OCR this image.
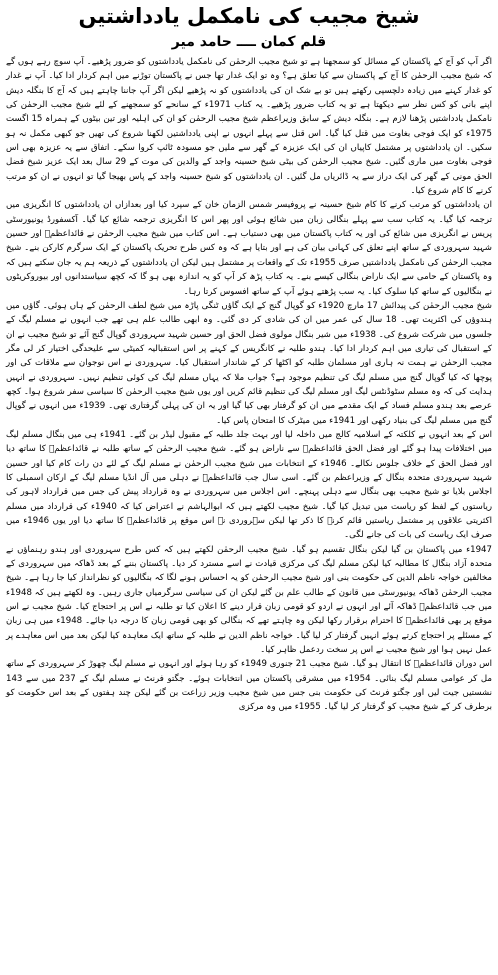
شیخ مجیب کی نامکمل یادداشتیں
قلم کمان ــــ حامد میر

اگر آپ کو آج کے پاکستان کے مسائل کو سمجھنا ہے تو شیخ مجیب الرحمٰن کی نامکمل یادداشتوں کو ضرور پڑھیے۔ آپ سوچ رہے ہوں گے کہ شیخ مجیب الرحمٰن کا آج کے پاکستان سے کیا تعلق ہے؟ وہ تو ایک غدار تھا جس نے پاکستان توڑنے میں اہم کردار ادا کیا۔ آپ نے غدار کو غدار کہنے میں زیادہ دلچسپی رکھتے ہیں تو بے شک ان کی یادداشتوں کو نہ پڑھیے لیکن اگر آپ جاننا چاہتے ہیں کہ آج کا بنگلہ دیش اپنے بانی کو کس نظر سے دیکھتا ہے تو یہ کتاب ضرور پڑھیے۔ یہ کتاب 1971ء کے سانحے کو سمجھنے کے لئے شیخ مجیب الرحمٰن کی نامکمل یادداشتیں پڑھنا لازم ہے۔ بنگلہ دیش کے سابق وزیراعظم شیخ مجیب الرحمٰن کو ان کی اہلیہ اور تین بیٹوں کے ہمراہ 15 اگست 1975ء کو ایک فوجی بغاوت میں قتل کیا گیا۔ اس قتل سے پہلے انہوں نے اپنی یادداشتیں لکھنا شروع کی تھیں جو کبھی مکمل نہ ہو سکیں۔ ان یادداشتوں پر مشتمل کاپیاں ان کی ایک عزیزہ کے گھر سے ملیں جو مسودہ ٹائپ کروا سکے۔ اتفاق سے یہ عزیزہ بھی اس فوجی بغاوت میں ماری گئیں۔ شیخ مجیب الرحمٰن کی بیٹی شیخ حسینہ واجد کے والدین کی موت کے 29 سال بعد ایک عزیز شیخ فضل الحق مونی کے گھر کی ایک دراز سے یہ ڈائریاں مل گئیں۔ ان یادداشتوں کو شیخ حسینہ واجد کے پاس بھیجا گیا تو انہوں نے ان کو مرتب کرنے کا کام شروع کیا۔

ان یادداشتوں کو مرتب کرنے کا کام شیخ حسینہ نے پروفیسر شمس الزمان خان کے سپرد کیا اور بعدازاں ان یادداشتوں کا انگریزی میں ترجمہ کیا گیا۔ یہ کتاب سب سے پہلے بنگالی زبان میں شائع ہوئی اور پھر اس کا انگریزی ترجمہ شائع کیا گیا۔ آکسفورڈ یونیورسٹی پریس نے انگریزی میں شائع کی اور یہ کتاب پاکستان میں بھی دستیاب ہے۔ اس کتاب میں شیخ مجیب الرحمٰن نے قائداعظمؒ اور حسین شہید سہروردی کے ساتھ اپنے تعلق کی کہانی بیان کی ہے اور بتایا ہے کہ وہ کس طرح تحریک پاکستان کے ایک سرگرم کارکن بنے۔ شیخ مجیب الرحمٰن کی نامکمل یادداشتیں صرف 1955ء تک کے واقعات پر مشتمل ہیں لیکن ان یادداشتوں کے ذریعہ ہم یہ جان سکتے ہیں کہ وہ پاکستان کے حامی سے ایک ناراض بنگالی کیسے بنے۔ یہ کتاب پڑھ کر آپ کو یہ اندازہ بھی ہو گا کہ کچھ سیاستدانوں اور بیوروکریٹوں نے بنگالیوں کے ساتھ کیا سلوک کیا۔ یہ سب پڑھتے ہوئے آپ کے ساتھ افسوس کرتا رہا۔

شیخ مجیب الرحمٰن کی پیدائش 17 مارچ 1920ء کو گوپال گنج کے ایک گاؤں ٹنگی پاڑہ میں شیخ لطف الرحمٰن کے ہاں ہوئی۔ گاؤں میں ہندوؤں کی اکثریت تھی۔ 18 سال کی عمر میں ان کی شادی کر دی گئی۔ وہ ابھی طالب علم ہی تھے جب انہوں نے مسلم لیگ کے جلسوں میں شرکت شروع کی۔ 1938ء میں شیر بنگال مولوی فضل الحق اور حسین شہید سہروردی گوپال گنج آئے تو شیخ مجیب نے ان کے استقبال کی تیاری میں اہم کردار ادا کیا۔ ہندو طلبہ نے کانگریس کے کہنے پر اس استقبالیہ کمیٹی سے علیحدگی اختیار کر لی مگر مجیب الرحمٰن نے ہمت نہ ہاری اور مسلمان طلبہ کو اکٹھا کر کے شاندار استقبال کیا۔ سہروردی نے اس نوجوان سے ملاقات کی اور پوچھا کہ کیا گوپال گنج میں مسلم لیگ کی تنظیم موجود ہے؟ جواب ملا کہ یہاں مسلم لیگ کی کوئی تنظیم نہیں۔ سہروردی نے انہیں ہدایت کی کہ وہ مسلم سٹوڈنٹس لیگ اور مسلم لیگ کی تنظیم قائم کریں اور یوں شیخ مجیب الرحمٰن کا سیاسی سفر شروع ہوا۔ کچھ عرصے بعد ہندو مسلم فساد کے ایک مقدمے میں ان کو گرفتار بھی کیا گیا اور یہ ان کی پہلی گرفتاری تھی۔ 1939ء میں انہوں نے گوپال گنج میں مسلم لیگ کی بنیاد رکھی اور 1941ء میں میٹرک کا امتحان پاس کیا۔

اس کے بعد انہوں نے کلکتہ کے اسلامیہ کالج میں داخلہ لیا اور بہت جلد طلبہ کے مقبول لیڈر بن گئے۔ 1941ء ہی میں بنگال مسلم لیگ میں اختلافات پیدا ہو گئے اور فضل الحق قائداعظمؒ سے ناراض ہو گئے۔ شیخ مجیب الرحمٰن کے ساتھ طلبہ نے قائداعظمؒ کا ساتھ دیا اور فضل الحق کے خلاف جلوس نکالے۔ 1946ء کے انتخابات میں شیخ مجیب الرحمٰن نے مسلم لیگ کے لئے دن رات کام کیا اور حسین شہید سہروردی متحدہ بنگال کے وزیراعظم بن گئے۔ اسی سال جب قائداعظمؒ نے دہلی میں آل انڈیا مسلم لیگ کے ارکان اسمبلی کا اجلاس بلایا تو شیخ مجیب بھی بنگال سے دہلی پہنچے۔ اس اجلاس میں سہروردی نے وہ قرارداد پیش کی جس میں قرارداد لاہور کی ریاستوں کے لفظ کو ریاست میں تبدیل کیا گیا۔ شیخ مجیب لکھتے ہیں کہ ابوالہاشم نے اعتراض کیا کہ 1940ء کی قرارداد میں مسلم اکثریتی علاقوں پر مشتمل ریاستیں قائم کرنے کا ذکر تھا لیکن سہروردی نے اس موقع پر قائداعظمؒ کا ساتھ دیا اور یوں 1946ء میں صرف ایک ریاست کی بات کی جانے لگی۔

1947ء میں پاکستان بن گیا لیکن بنگال تقسیم ہو گیا۔ شیخ مجیب الرحمٰن لکھتے ہیں کہ کس طرح سہروردی اور ہندو رہنماؤں نے متحدہ آزاد بنگال کا مطالبہ کیا لیکن مسلم لیگ کی مرکزی قیادت نے اسے مسترد کر دیا۔ پاکستان بننے کے بعد ڈھاکہ میں سہروردی کے مخالفین خواجہ ناظم الدین کی حکومت بنی اور شیخ مجیب الرحمٰن کو یہ احساس ہونے لگا کہ بنگالیوں کو نظرانداز کیا جا رہا ہے۔ شیخ مجیب الرحمٰن ڈھاکہ یونیورسٹی میں قانون کے طالب علم بن گئے لیکن ان کی سیاسی سرگرمیاں جاری رہیں۔ وہ لکھتے ہیں کہ 1948ء میں جب قائداعظمؒ ڈھاکہ آئے اور انہوں نے اردو کو قومی زبان قرار دینے کا اعلان کیا تو طلبہ نے اس پر احتجاج کیا۔ شیخ مجیب نے اس موقع پر بھی قائداعظمؒ کا احترام برقرار رکھا لیکن وہ چاہتے تھے کہ بنگالی کو بھی قومی زبان کا درجہ دیا جائے۔ 1948ء میں ہی زبان کے مسئلے پر احتجاج کرتے ہوئے انہیں گرفتار کر لیا گیا۔ خواجہ ناظم الدین نے طلبہ کے ساتھ ایک معاہدہ کیا لیکن بعد میں اس معاہدے پر عمل نہیں ہوا اور شیخ مجیب نے اس پر سخت ردعمل ظاہر کیا۔

اس دوران قائداعظمؒ کا انتقال ہو گیا۔ شیخ مجیب 21 جنوری 1949ء کو رہا ہوئے اور انہوں نے مسلم لیگ چھوڑ کر سہروردی کے ساتھ مل کر عوامی مسلم لیگ بنائی۔ 1954ء میں مشرقی پاکستان میں انتخابات ہوئے۔ جگتو فرنٹ نے مسلم لیگ کے 237 میں سے 143 نشستیں جیت لیں اور جگتو فرنٹ کی حکومت بنی جس میں شیخ مجیب وزیر زراعت بن گئے لیکن چند ہفتوں کے بعد اس حکومت کو برطرف کر کے شیخ مجیب کو گرفتار کر لیا گیا۔ 1955ء میں وہ مرکزی
